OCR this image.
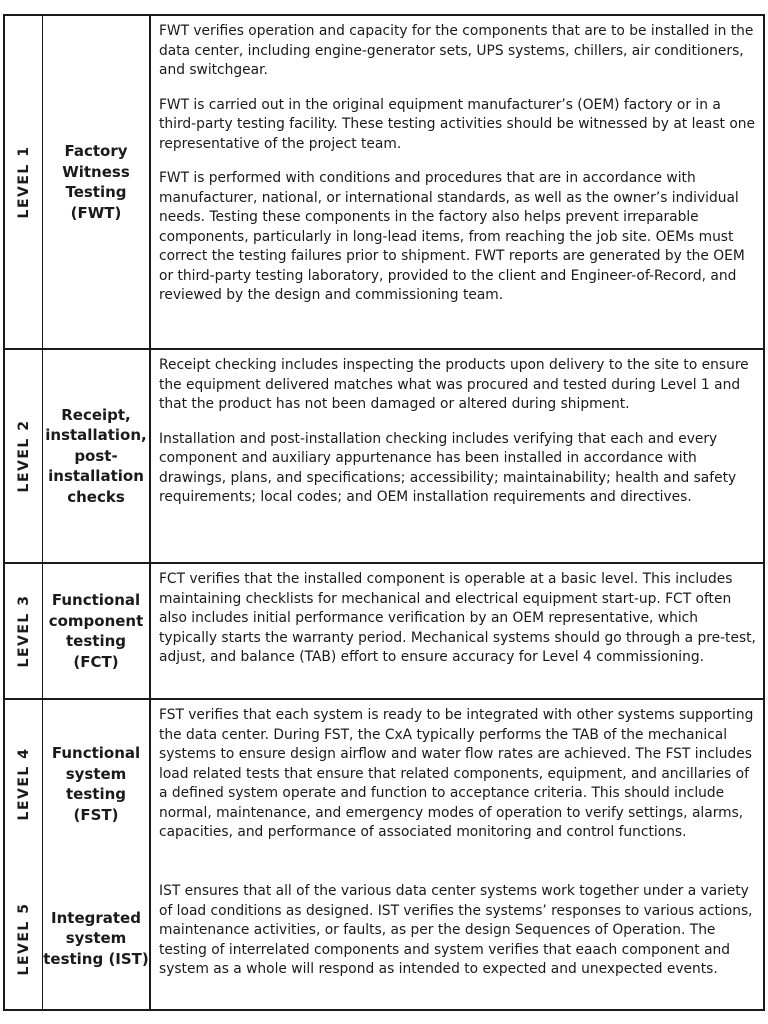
LEVEL 1	Factory Witness Testing (FWT)

FWT verifies operation and capacity for the components that are to be installed in the data center, including engine-generator sets, UPS systems, chillers, air conditioners, and switchgear.

FWT is carried out in the original equipment manufacturer’s (OEM) factory or in a third-party testing facility. These testing activities should be witnessed by at least one representative of the project team.

FWT is performed with conditions and procedures that are in accordance with manufacturer, national, or international standards, as well as the owner’s individual needs. Testing these components in the factory also helps prevent irreparable components, particularly in long-lead items, from reaching the job site. OEMs must correct the testing failures prior to shipment. FWT reports are generated by the OEM or third-party testing laboratory, provided to the client and Engineer-of-Record, and reviewed by the design and commissioning team.

LEVEL 2
Receipt, installation, post-installation checks

Receipt checking includes inspecting the products upon delivery to the site to ensure the equipment delivered matches what was procured and tested during Level 1 and that the product has not been damaged or altered during shipment.

Installation and post-installation checking includes verifying that each and every component and auxiliary appurtenance has been installed in accordance with drawings, plans, and specifications; accessibility; maintainability; health and safety requirements; local codes; and OEM installation requirements and directives.

LEVEL 3	Functional component testing (FCT)

FCT verifies that the installed component is operable at a basic level. This includes maintaining checklists for mechanical and electrical equipment start-up. FCT often also includes initial performance verification by an OEM representative, which typically starts the warranty period. Mechanical systems should go through a pre-test, adjust, and balance (TAB) effort to ensure accuracy for Level 4 commissioning.

LEVEL 4	Functional system testing (FST)

FST verifies that each system is ready to be integrated with other systems supporting the data center. During FST, the CxA typically performs the TAB of the mechanical systems to ensure design airflow and water flow rates are achieved. The FST includes load related tests that ensure that related components, equipment, and ancillaries of a defined system operate and function to acceptance criteria. This should include normal, maintenance, and emergency modes of operation to verify settings, alarms, capacities, and performance of associated monitoring and control functions.

LEVEL 5	Integrated system testing (IST)

IST ensures that all of the various data center systems work together under a variety of load conditions as designed. IST verifies the systems’ responses to various actions, maintenance activities, or faults, as per the design Sequences of Operation. The testing of interrelated components and system verifies that eaach component and system as a whole will respond as intended to expected and unexpected events.
